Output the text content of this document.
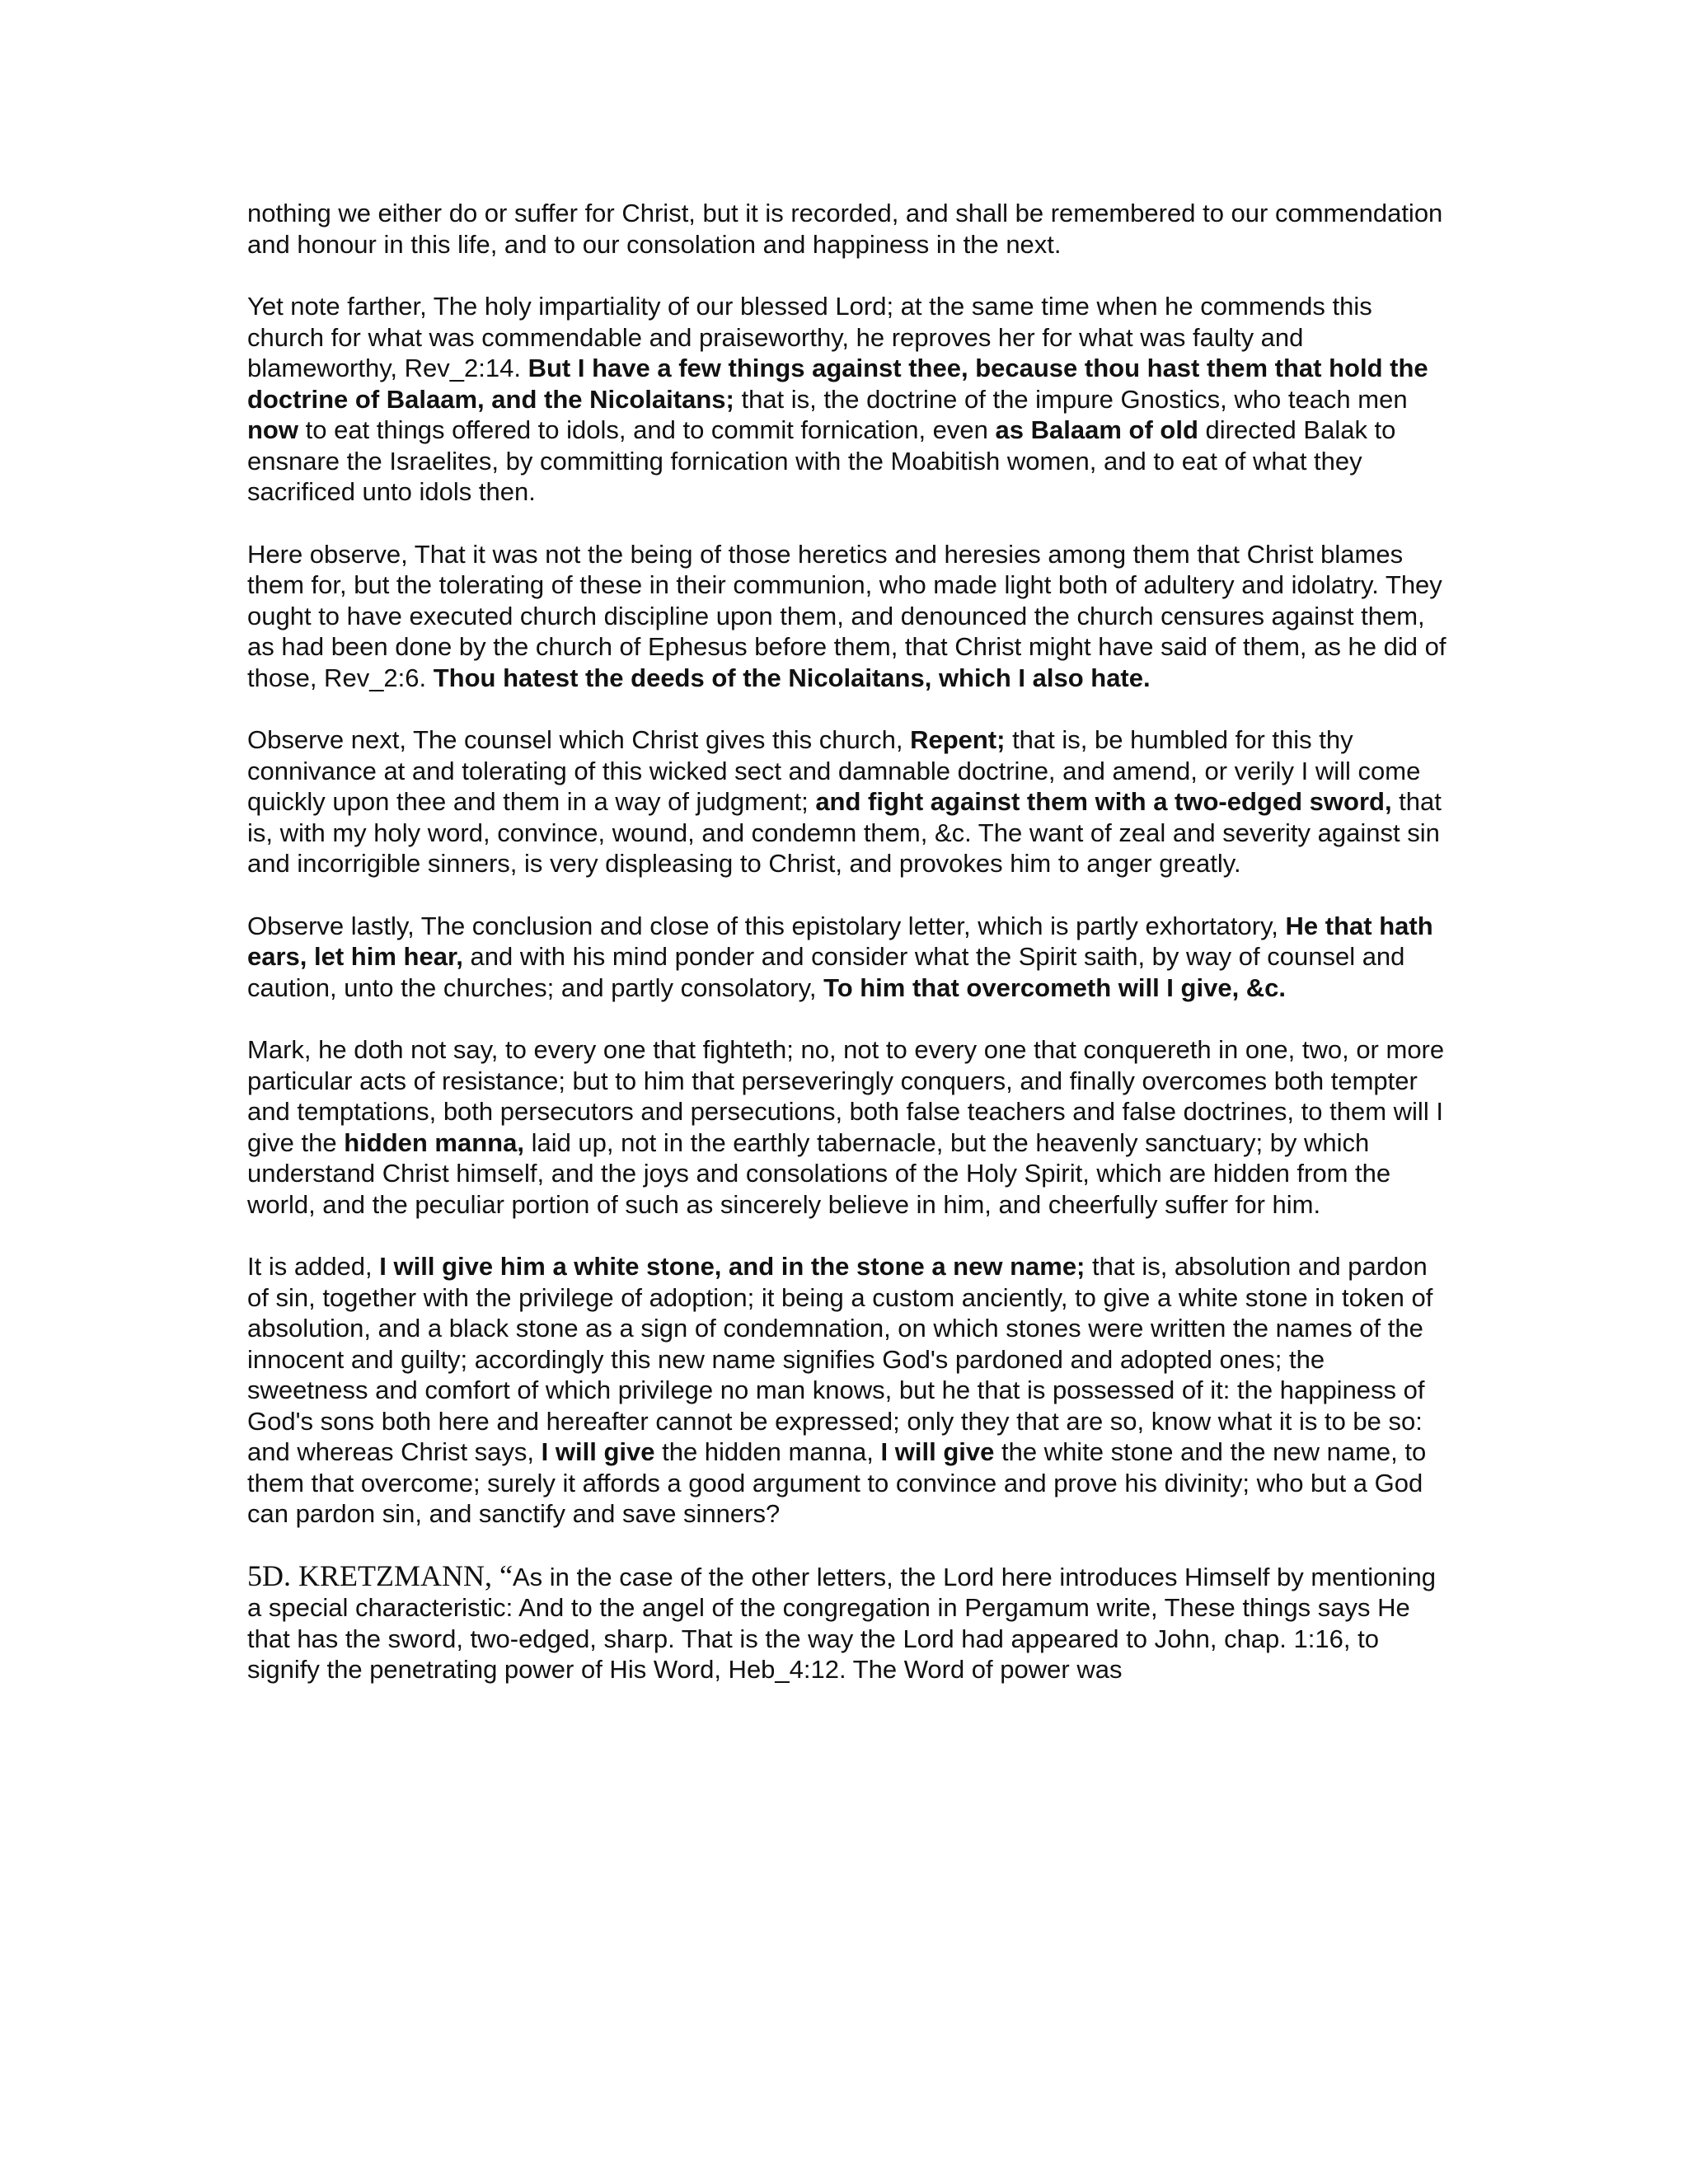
nothing we either do or suffer for Christ, but it is recorded, and shall be remembered to our commendation and honour in this life, and to our consolation and happiness in the next.

Yet note farther, The holy impartiality of our blessed Lord; at the same time when he commends this church for what was commendable and praiseworthy, he reproves her for what was faulty and blameworthy, Rev_2:14. But I have a few things against thee, because thou hast them that hold the doctrine of Balaam, and the Nicolaitans; that is, the doctrine of the impure Gnostics, who teach men now to eat things offered to idols, and to commit fornication, even as Balaam of old directed Balak to ensnare the Israelites, by committing fornication with the Moabitish women, and to eat of what they sacrificed unto idols then.

Here observe, That it was not the being of those heretics and heresies among them that Christ blames them for, but the tolerating of these in their communion, who made light both of adultery and idolatry. They ought to have executed church discipline upon them, and denounced the church censures against them, as had been done by the church of Ephesus before them, that Christ might have said of them, as he did of those, Rev_2:6. Thou hatest the deeds of the Nicolaitans, which I also hate.

Observe next, The counsel which Christ gives this church, Repent; that is, be humbled for this thy connivance at and tolerating of this wicked sect and damnable doctrine, and amend, or verily I will come quickly upon thee and them in a way of judgment; and fight against them with a two-edged sword, that is, with my holy word, convince, wound, and condemn them, &c. The want of zeal and severity against sin and incorrigible sinners, is very displeasing to Christ, and provokes him to anger greatly.

Observe lastly, The conclusion and close of this epistolary letter, which is partly exhortatory, He that hath ears, let him hear, and with his mind ponder and consider what the Spirit saith, by way of counsel and caution, unto the churches; and partly consolatory, To him that overcometh will I give, &c.

Mark, he doth not say, to every one that fighteth; no, not to every one that conquereth in one, two, or more particular acts of resistance; but to him that perseveringly conquers, and finally overcomes both tempter and temptations, both persecutors and persecutions, both false teachers and false doctrines, to them will I give the hidden manna, laid up, not in the earthly tabernacle, but the heavenly sanctuary; by which understand Christ himself, and the joys and consolations of the Holy Spirit, which are hidden from the world, and the peculiar portion of such as sincerely believe in him, and cheerfully suffer for him.

It is added, I will give him a white stone, and in the stone a new name; that is, absolution and pardon of sin, together with the privilege of adoption; it being a custom anciently, to give a white stone in token of absolution, and a black stone as a sign of condemnation, on which stones were written the names of the innocent and guilty; accordingly this new name signifies God's pardoned and adopted ones; the sweetness and comfort of which privilege no man knows, but he that is possessed of it: the happiness of God's sons both here and hereafter cannot be expressed; only they that are so, know what it is to be so: and whereas Christ says, I will give the hidden manna, I will give the white stone and the new name, to them that overcome; surely it affords a good argument to convince and prove his divinity; who but a God can pardon sin, and sanctify and save sinners?

5D. KRETZMANN, “As in the case of the other letters, the Lord here introduces Himself by mentioning a special characteristic: And to the angel of the congregation in Pergamum write, These things says He that has the sword, two-edged, sharp. That is the way the Lord had appeared to John, chap. 1:16, to signify the penetrating power of His Word, Heb_4:12. The Word of power was
